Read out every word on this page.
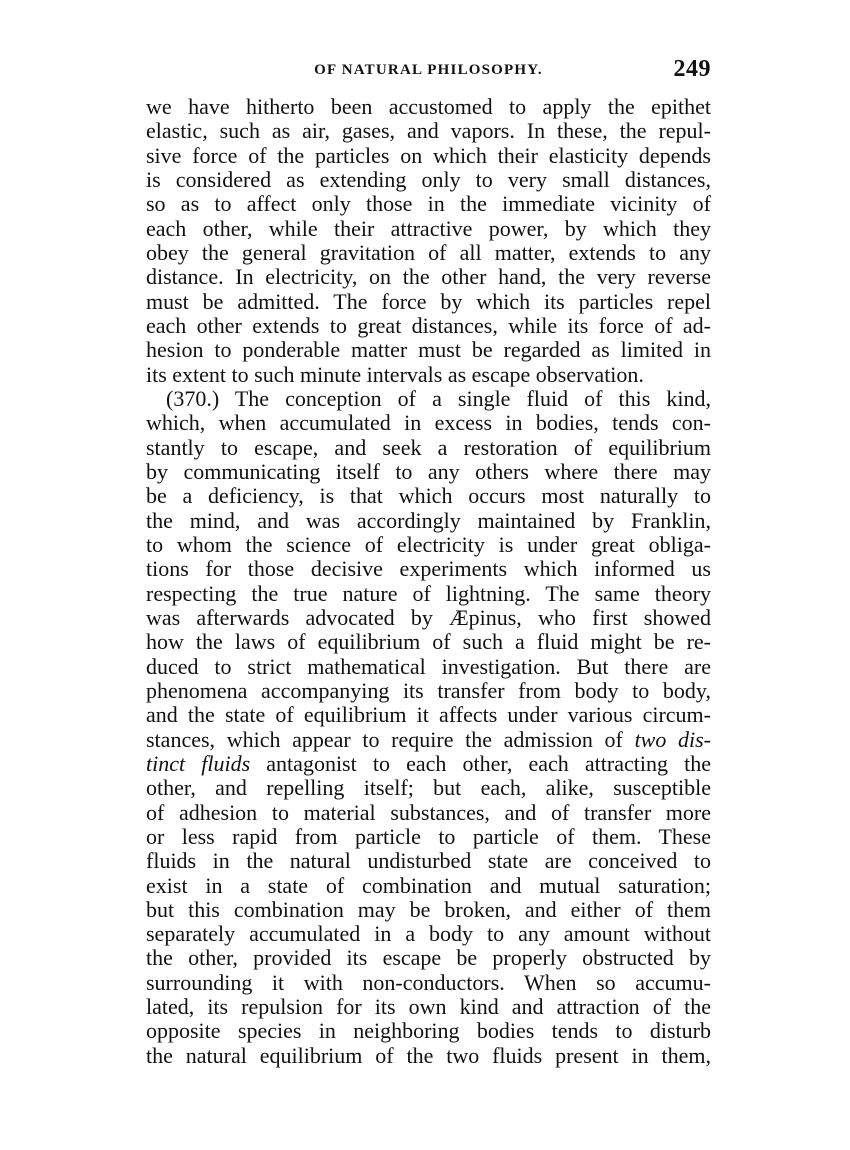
OF NATURAL PHILOSOPHY.	249
we have hitherto been accustomed to apply the epithet
elastic, such as air, gases, and vapors. In these, the repul-
sive force of the particles on which their elasticity depends
is considered as extending only to very small distances,
so as to affect only those in the immediate vicinity of
each other, while their attractive power, by which they
obey the general gravitation of all matter, extends to any
distance. In electricity, on the other hand, the very reverse
must be admitted. The force by which its particles repel
each other extends to great distances, while its force of ad-
hesion to ponderable matter must be regarded as limited in
its extent to such minute intervals as escape observation.
(370.) The conception of a single fluid of this kind,
which, when accumulated in excess in bodies, tends con-
stantly to escape, and seek a restoration of equilibrium
by communicating itself to any others where there may
be a deficiency, is that which occurs most naturally to
the mind, and was accordingly maintained by Franklin,
to whom the science of electricity is under great obliga-
tions for those decisive experiments which informed us
respecting the true nature of lightning. The same theory
was afterwards advocated by Æpinus, who first showed
how the laws of equilibrium of such a fluid might be re-
duced to strict mathematical investigation. But there are
phenomena accompanying its transfer from body to body,
and the state of equilibrium it affects under various circum-
stances, which appear to require the admission of two dis-
tinct fluids antagonist to each other, each attracting the
other, and repelling itself; but each, alike, susceptible
of adhesion to material substances, and of transfer more
or less rapid from particle to particle of them. These
fluids in the natural undisturbed state are conceived to
exist in a state of combination and mutual saturation;
but this combination may be broken, and either of them
separately accumulated in a body to any amount without
the other, provided its escape be properly obstructed by
surrounding it with non-conductors. When so accumu-
lated, its repulsion for its own kind and attraction of the
opposite species in neighboring bodies tends to disturb
the natural equilibrium of the two fluids present in them,
